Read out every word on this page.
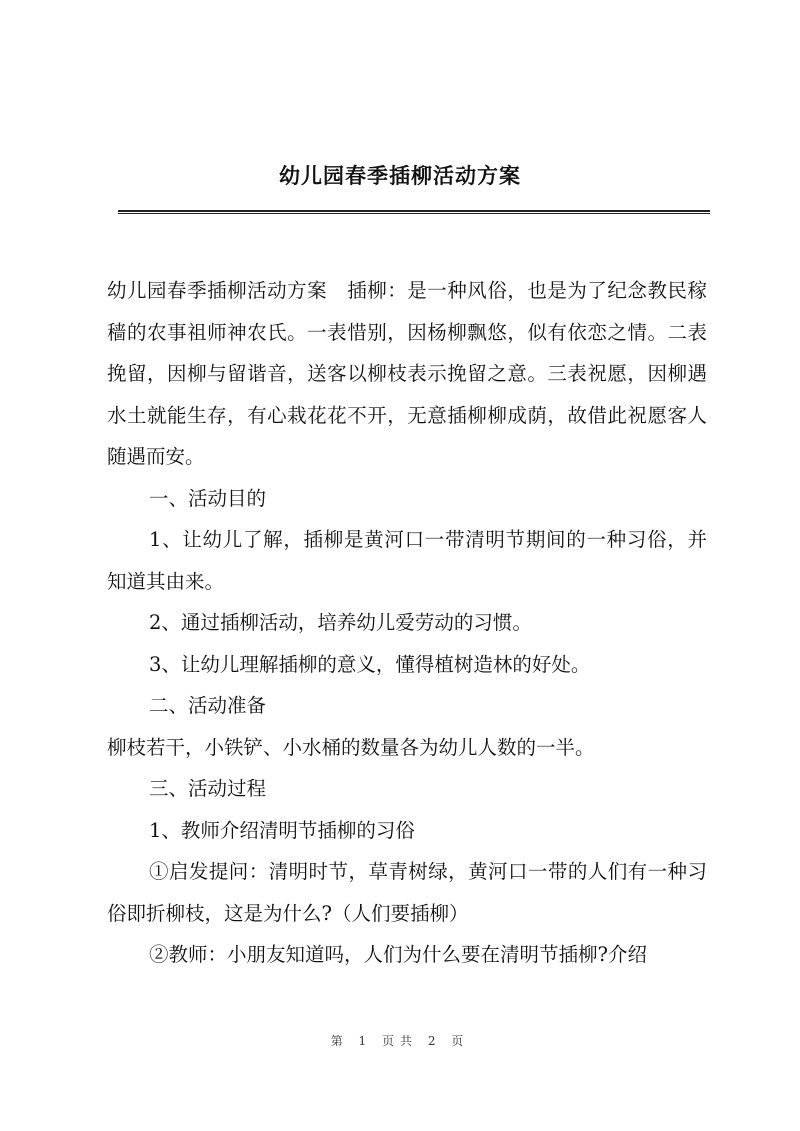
幼儿园春季插柳活动方案

幼儿园春季插柳活动方案　插柳：是一种风俗，也是为了纪念教民稼穑的农事祖师神农氏。一表惜别，因杨柳飘悠，似有依恋之情。二表挽留，因柳与留谐音，送客以柳枝表示挽留之意。三表祝愿，因柳遇水土就能生存，有心栽花花不开，无意插柳柳成荫，故借此祝愿客人随遇而安。

一、活动目的

1、让幼儿了解，插柳是黄河口一带清明节期间的一种习俗，并知道其由来。

2、通过插柳活动，培养幼儿爱劳动的习惯。

3、让幼儿理解插柳的意义，懂得植树造林的好处。

二、活动准备

柳枝若干，小铁铲、小水桶的数量各为幼儿人数的一半。

三、活动过程

1、教师介绍清明节插柳的习俗

①启发提问：清明时节，草青树绿，黄河口一带的人们有一种习俗即折柳枝，这是为什么?（人们要插柳）

②教师：小朋友知道吗，人们为什么要在清明节插柳?介绍

第 1 页共 2 页
